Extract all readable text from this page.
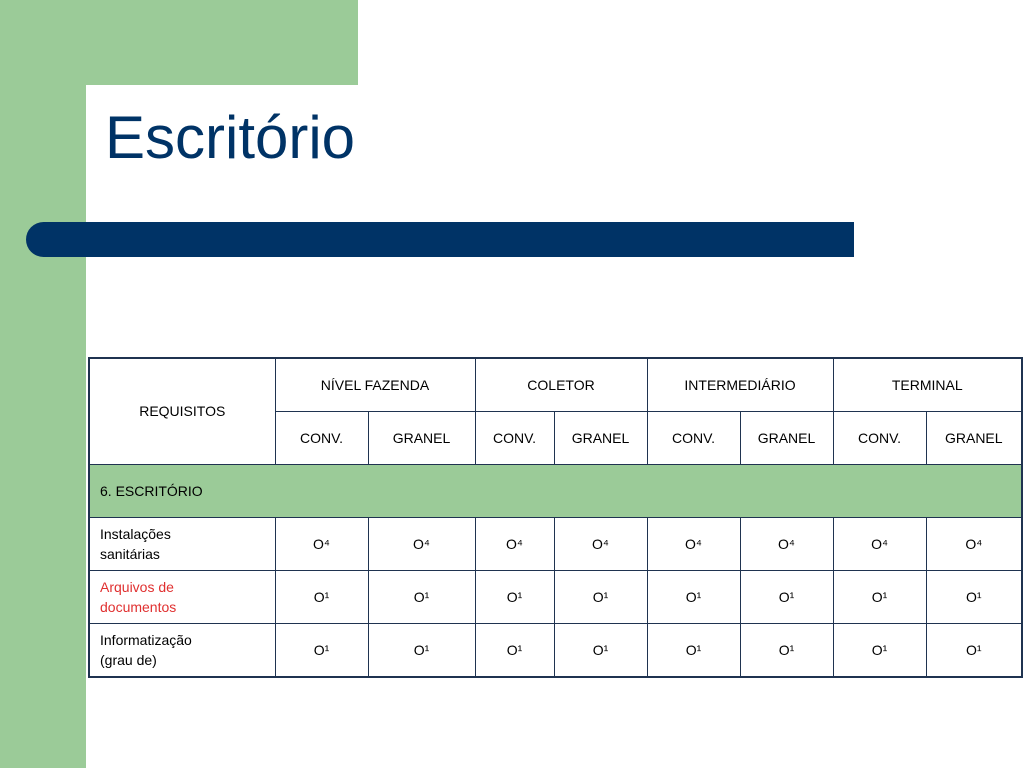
Escritório
REQUISITOS	NÍVEL FAZENDA		COLETOR		INTERMEDIÁRIO		TERMINAL	
	CONV.	GRANEL	CONV.	GRANEL	CONV.	GRANEL	CONV.	GRANEL
6. ESCRITÓRIO								
Instalações
sanitárias	O⁴	O⁴	O⁴	O⁴	O⁴	O⁴	O⁴	O⁴
Arquivos de
documentos	O¹	O¹	O¹	O¹	O¹	O¹	O¹	O¹
Informatização
(grau de)	O¹	O¹	O¹	O¹	O¹	O¹	O¹	O¹
